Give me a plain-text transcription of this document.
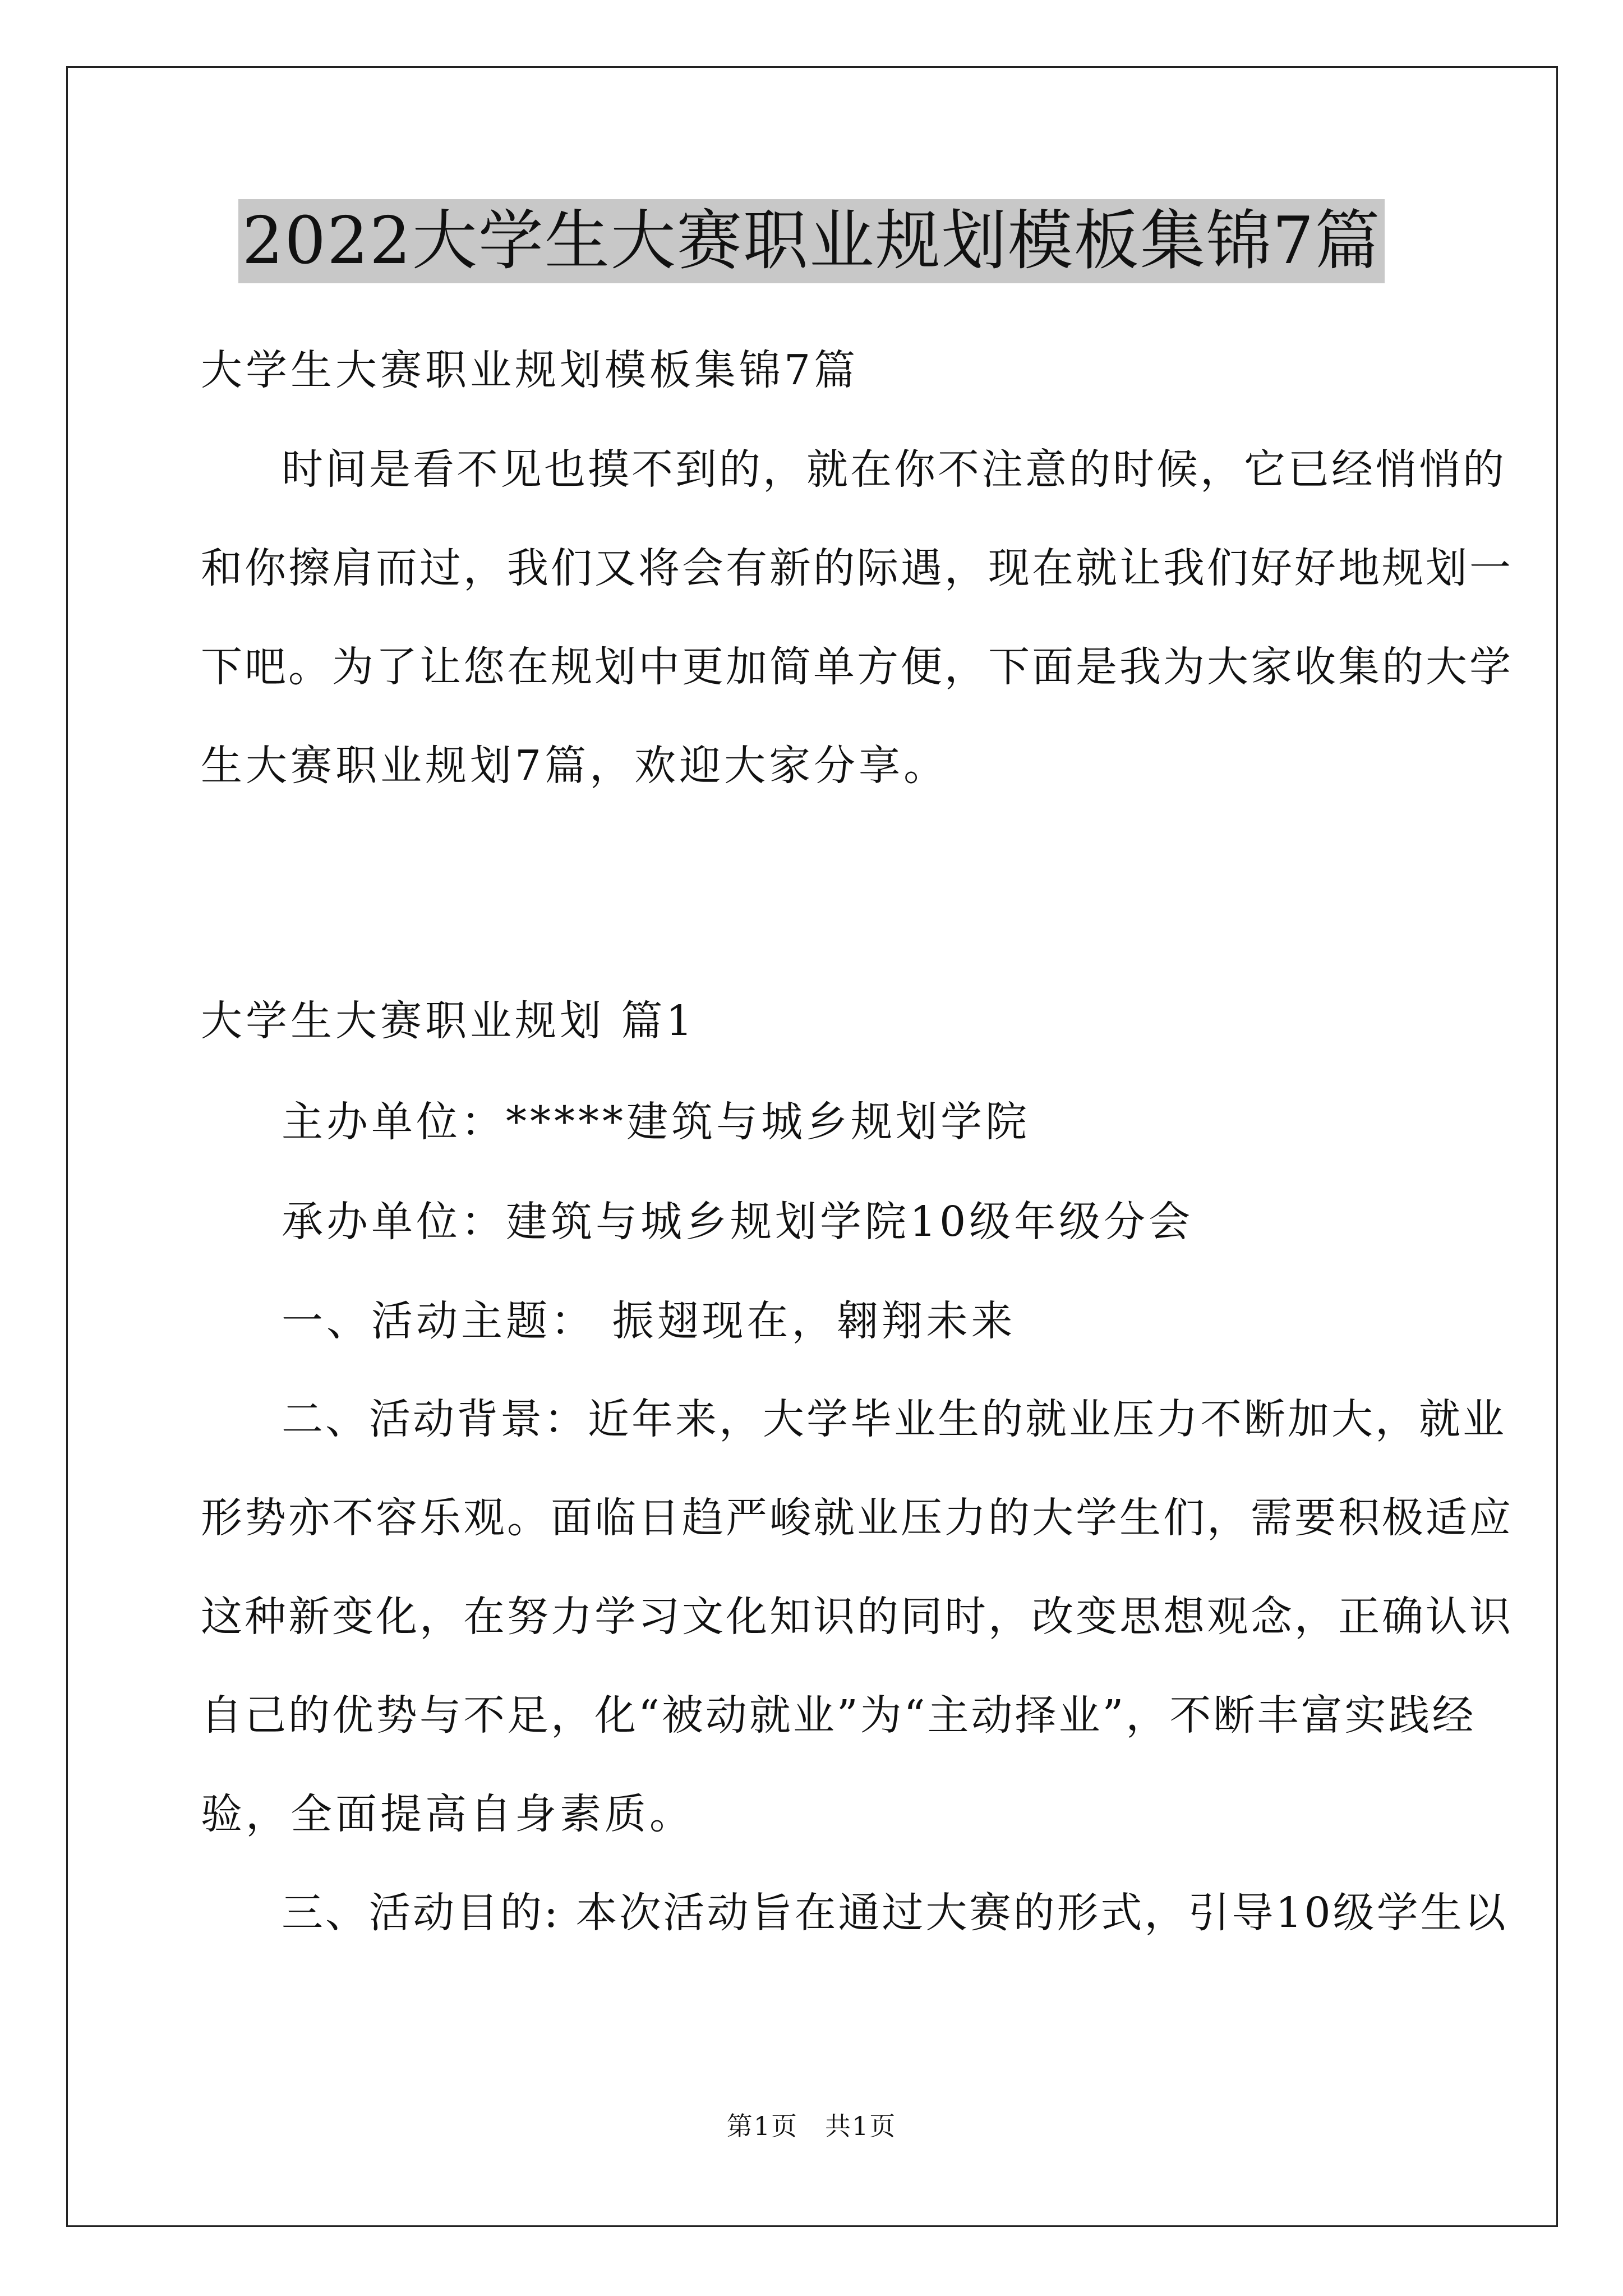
2022大学生大赛职业规划模板集锦7篇
大学生大赛职业规划模板集锦7篇
时间是看不见也摸不到的，就在你不注意的时候，它已经悄悄的
和你擦肩而过，我们又将会有新的际遇，现在就让我们好好地规划一
下吧。为了让您在规划中更加简单方便，下面是我为大家收集的大学
生大赛职业规划7篇，欢迎大家分享。
大学生大赛职业规划 篇1
主办单位：*****建筑与城乡规划学院
承办单位：建筑与城乡规划学院10级年级分会
一、活动主题： 振翅现在，翱翔未来
二、活动背景：近年来，大学毕业生的就业压力不断加大，就业
形势亦不容乐观。面临日趋严峻就业压力的大学生们，需要积极适应
这种新变化，在努力学习文化知识的同时，改变思想观念，正确认识
自己的优势与不足，化“被动就业”为“主动择业”，不断丰富实践经
验，全面提高自身素质。
三、活动目的: 本次活动旨在通过大赛的形式，引导10级学生以
第1页　共1页
